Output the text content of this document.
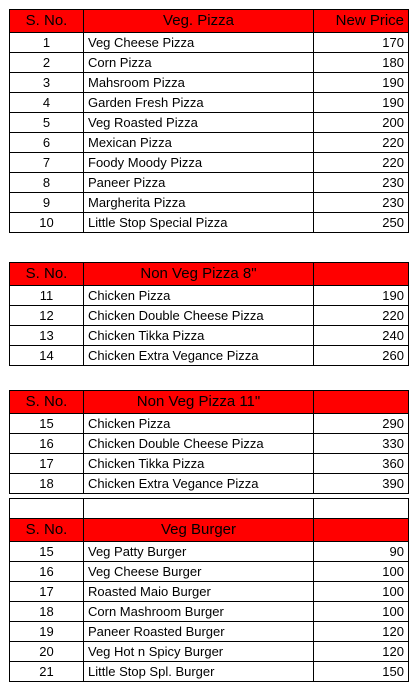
S. No.	Veg. Pizza	New Price
1	Veg Cheese Pizza	170
2	Corn Pizza	180
3	Mahsroom Pizza	190
4	Garden Fresh Pizza	190
5	Veg Roasted Pizza	200
6	Mexican Pizza	220
7	Foody Moody Pizza	220
8	Paneer Pizza	230
9	Margherita Pizza	230
10	Little Stop Special Pizza	250
S. No.	Non Veg Pizza 8"	
11	Chicken Pizza	190
12	Chicken Double Cheese Pizza	220
13	Chicken Tikka Pizza	240
14	Chicken Extra Vegance Pizza	260
S. No.	Non Veg Pizza 11"	
15	Chicken Pizza	290
16	Chicken Double Cheese Pizza	330
17	Chicken Tikka Pizza	360
18	Chicken Extra Vegance Pizza	390

S. No.	Veg Burger	
15	Veg Patty Burger	90
16	Veg Cheese Burger	100
17	Roasted Maio Burger	100
18	Corn Mashroom Burger	100
19	Paneer Roasted Burger	120
20	Veg Hot n Spicy Burger	120
21	Little Stop Spl. Burger	150
